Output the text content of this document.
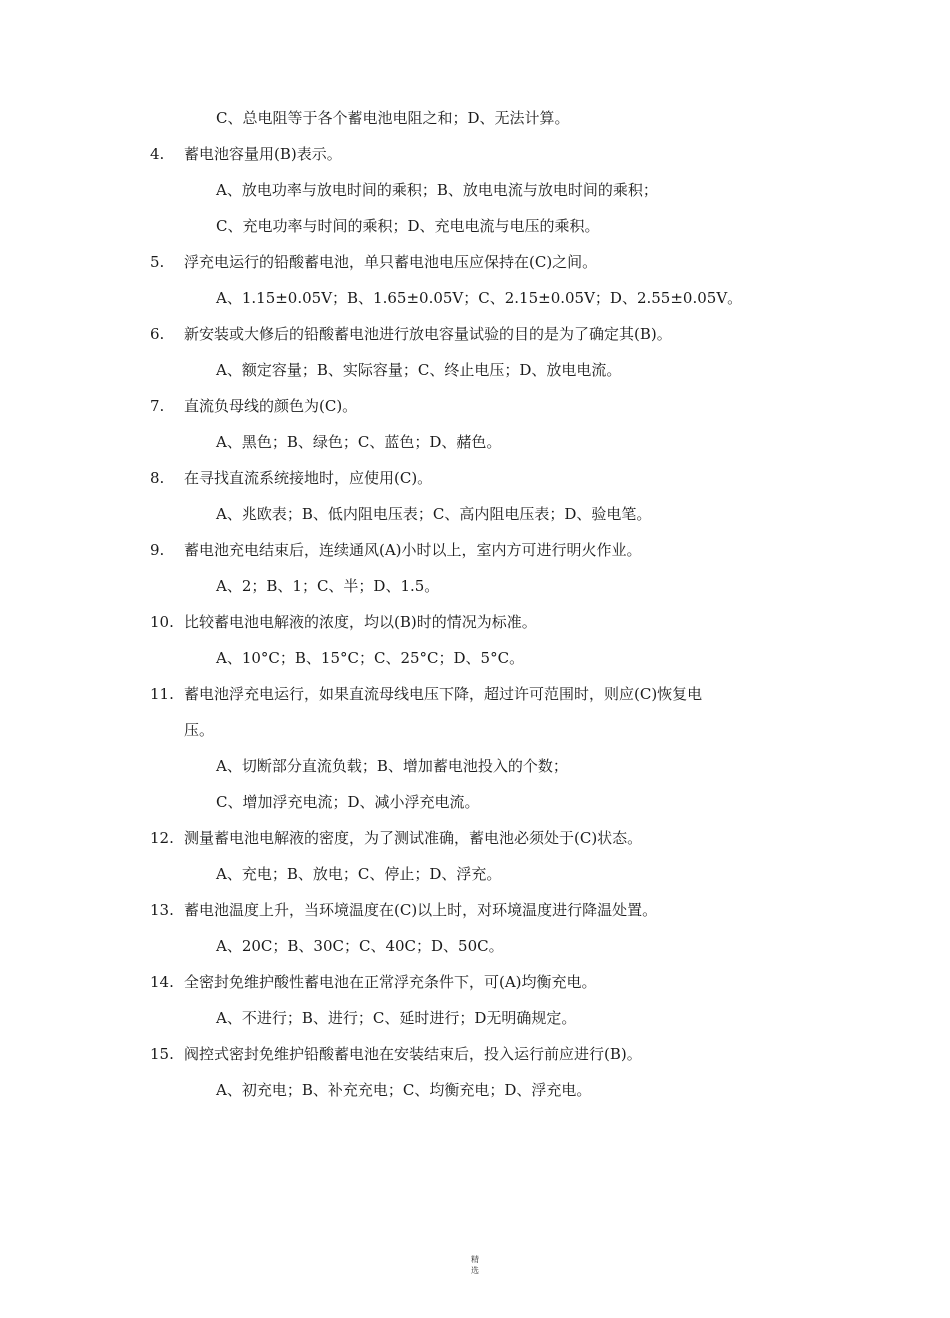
C、总电阻等于各个蓄电池电阻之和；D、无法计算。
4. 蓄电池容量用(B)表示。
A、放电功率与放电时间的乘积；B、放电电流与放电时间的乘积；
C、充电功率与时间的乘积；D、充电电流与电压的乘积。
5. 浮充电运行的铅酸蓄电池，单只蓄电池电压应保持在(C)之间。
A、1.15±0.05V；B、1.65±0.05V；C、2.15±0.05V；D、2.55±0.05V。
6. 新安装或大修后的铅酸蓄电池进行放电容量试验的目的是为了确定其(B)。
A、额定容量；B、实际容量；C、终止电压；D、放电电流。
7. 直流负母线的颜色为(C)。
A、黑色；B、绿色；C、蓝色；D、赭色。
8. 在寻找直流系统接地时，应使用(C)。
A、兆欧表；B、低内阻电压表；C、高内阻电压表；D、验电笔。
9. 蓄电池充电结束后，连续通风(A)小时以上，室内方可进行明火作业。
A、2；B、1；C、半；D、1.5。
10. 比较蓄电池电解液的浓度，均以(B)时的情况为标准。
A、10°C；B、15°C；C、25°C；D、5°C。
11. 蓄电池浮充电运行，如果直流母线电压下降，超过许可范围时，则应(C)恢复电
压。
A、切断部分直流负载；B、增加蓄电池投入的个数；
C、增加浮充电流；D、减小浮充电流。
12. 测量蓄电池电解液的密度，为了测试准确，蓄电池必须处于(C)状态。
A、充电；B、放电；C、停止；D、浮充。
13. 蓄电池温度上升，当环境温度在(C)以上时，对环境温度进行降温处置。
A、20C；B、30C；C、40C；D、50C。
14. 全密封免维护酸性蓄电池在正常浮充条件下，可(A)均衡充电。
A、不进行；B、进行；C、延时进行；D无明确规定。
15. 阀控式密封免维护铅酸蓄电池在安装结束后，投入运行前应进行(B)。
A、初充电；B、补充充电；C、均衡充电；D、浮充电。
精
选
